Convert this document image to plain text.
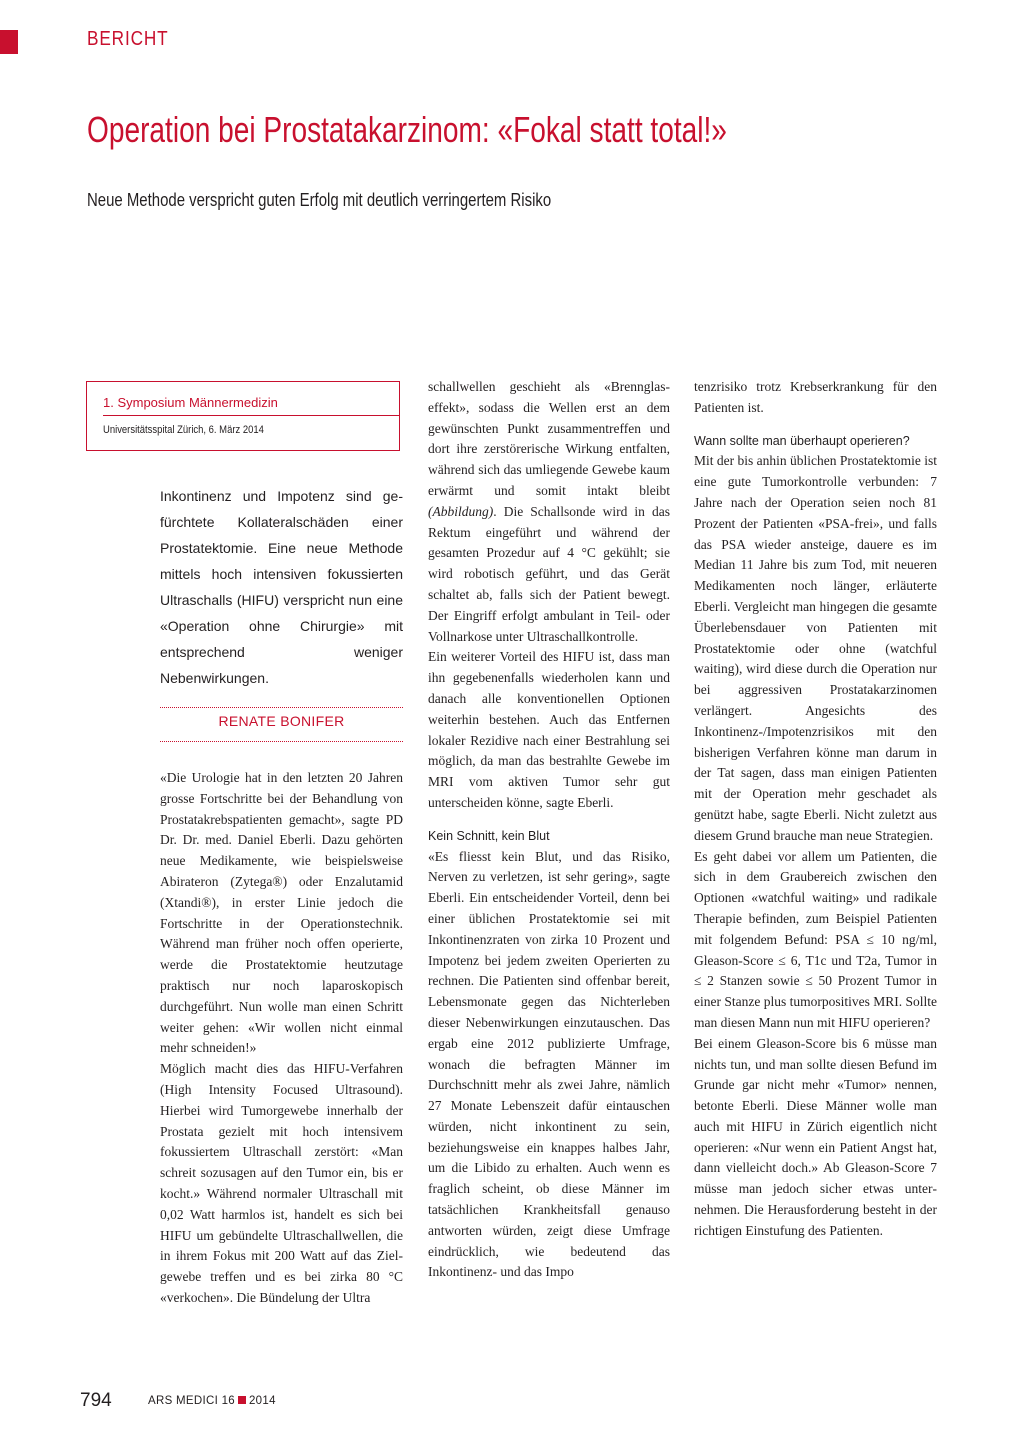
BERICHT
Operation bei Prostatakarzinom: «Fokal statt total!»
Neue Methode verspricht guten Erfolg mit deutlich verringertem Risiko
1. Symposium Männermedizin
Universitätsspital Zürich, 6. März 2014

Inkontinenz und Impotenz sind gefürchtete Kollateralschäden einer Prostatektomie. Eine neue Methode mittels hoch intensiven fokussierten Ultraschalls (HIFU) verspricht nun eine «Operation ohne Chirurgie» mit entsprechend weniger Nebenwirkungen.

RENATE BONIFER

«Die Urologie hat in den letzten 20 Jahren grosse Fortschritte bei der Behandlung von Prostatakrebspatienten gemacht», sagte PD Dr. Dr. med. Daniel Eberli. Dazu gehörten neue Medikamente, wie beispielsweise Abirateron (Zytega®) oder Enzalutamid (Xtandi®), in erster Linie jedoch die Fortschritte in der Operationstechnik. Während man früher noch offen operierte, werde die Prostatektomie heutzutage praktisch nur noch laparoskopisch durchgeführt. Nun wolle man einen Schritt weiter gehen: «Wir wollen nicht einmal mehr schneiden!»

Möglich macht dies das HIFU-Verfahren (High Intensity Focused Ultrasound). Hierbei wird Tumorgewebe innerhalb der Prostata gezielt mit hoch intensivem fokussiertem Ultraschall zerstört: «Man schreit sozusagen auf den Tumor ein, bis er kocht.» Während normaler Ultraschall mit 0,02 Watt harmlos ist, handelt es sich bei HIFU um gebündelte Ultraschallwellen, die in ihrem Fokus mit 200 Watt auf das Zielgewebe treffen und es bei zirka 80 °C «verkochen». Die Bündelung der Ultra

schallwellen geschieht als «Brennglaseffekt», sodass die Wellen erst an dem gewünschten Punkt zusammentreffen und dort ihre zerstörerische Wirkung entfalten, während sich das umliegende Gewebe kaum erwärmt und somit intakt bleibt (Abbildung). Die Schallsonde wird in das Rektum eingeführt und während der gesamten Prozedur auf 4 °C gekühlt; sie wird robotisch geführt, und das Gerät schaltet ab, falls sich der Patient bewegt. Der Eingriff erfolgt ambulant in Teil- oder Vollnarkose unter Ultraschallkontrolle.

Ein weiterer Vorteil des HIFU ist, dass man ihn gegebenenfalls wiederholen kann und danach alle konventionellen Optionen weiterhin bestehen. Auch das Entfernen lokaler Rezidive nach einer Bestrahlung sei möglich, da man das bestrahlte Gewebe im MRI vom aktiven Tumor sehr gut unterscheiden könne, sagte Eberli.

Kein Schnitt, kein Blut

«Es fliesst kein Blut, und das Risiko, Nerven zu verletzen, ist sehr gering», sagte Eberli. Ein entscheidender Vorteil, denn bei einer üblichen Prostatektomie sei mit Inkontinenzraten von zirka 10 Prozent und Impotenz bei jedem zweiten Operierten zu rechnen. Die Patienten sind offenbar bereit, Lebensmonate gegen das Nichterleben dieser Nebenwirkungen einzutauschen. Das ergab eine 2012 publizierte Umfrage, wonach die befragten Männer im Durchschnitt mehr als zwei Jahre, nämlich 27 Monate Lebenszeit dafür eintauschen würden, nicht inkontinent zu sein, beziehungsweise ein knappes halbes Jahr, um die Libido zu erhalten. Auch wenn es fraglich scheint, ob diese Männer im tatsächlichen Krankheitsfall genauso antworten würden, zeigt diese Umfrage eindrücklich, wie bedeutend das Inkontinenz- und das Impo

tenzrisiko trotz Krebserkrankung für den Patienten ist.

Wann sollte man überhaupt operieren?

Mit der bis anhin üblichen Prostatektomie ist eine gute Tumorkontrolle verbunden: 7 Jahre nach der Operation seien noch 81 Prozent der Patienten «PSA-frei», und falls das PSA wieder ansteige, dauere es im Median 11 Jahre bis zum Tod, mit neueren Medikamenten noch länger, erläuterte Eberli. Vergleicht man hingegen die gesamte Überlebensdauer von Patienten mit Prostatektomie oder ohne (watchful waiting), wird diese durch die Operation nur bei aggressiven Prostatakarzinomen verlängert. Angesichts des Inkontinenz-/Impotenzrisikos mit den bisherigen Verfahren könne man darum in der Tat sagen, dass man einigen Patienten mit der Operation mehr geschadet als genützt habe, sagte Eberli. Nicht zuletzt aus diesem Grund brauche man neue Strategien.

Es geht dabei vor allem um Patienten, die sich in dem Graubereich zwischen den Optionen «watchful waiting» und radikale Therapie befinden, zum Beispiel Patienten mit folgendem Befund: PSA ≤ 10 ng/ml, Gleason-Score ≤ 6, T1c und T2a, Tumor in ≤ 2 Stanzen sowie ≤ 50 Prozent Tumor in einer Stanze plus tumorpositives MRI. Sollte man diesen Mann nun mit HIFU operieren?

Bei einem Gleason-Score bis 6 müsse man nichts tun, und man sollte diesen Befund im Grunde gar nicht mehr «Tumor» nennen, betonte Eberli. Diese Männer wolle man auch mit HIFU in Zürich eigentlich nicht operieren: «Nur wenn ein Patient Angst hat, dann vielleicht doch.» Ab Gleason-Score 7 müsse man jedoch sicher etwas unternehmen. Die Herausforderung besteht in der richtigen Einstufung des Patienten.

794	ARS MEDICI 16 2014
